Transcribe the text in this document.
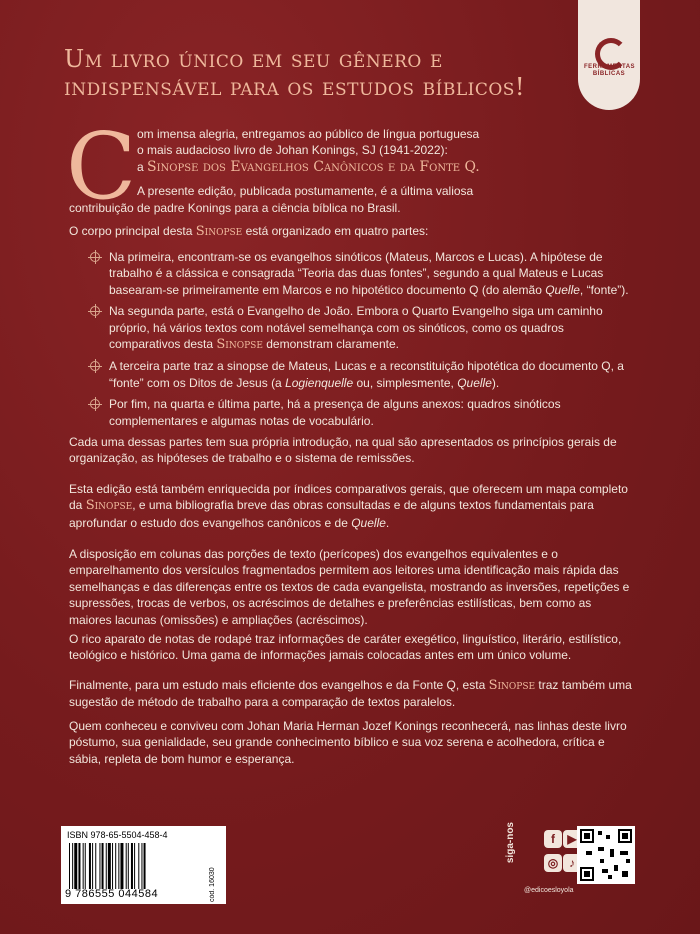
FERRAMENTAS BÍBLICAS
Um livro único em seu gênero e
indispensável para os estudos bíblicos!
C om imensa alegria, entregamos ao público de língua portuguesa
o mais audacioso livro de Johan Konings, SJ (1941-2022):
a Sinopse dos Evangelhos Canônicos e da Fonte Q.
A presente edição, publicada postumamente, é a última valiosa
contribuição de padre Konings para a ciência bíblica no Brasil.
O corpo principal desta Sinopse está organizado em quatro partes:
Na primeira, encontram-se os evangelhos sinóticos (Mateus, Marcos e Lucas). A hipótese de trabalho é a clássica e consagrada “Teoria das duas fontes”, segundo a qual Mateus e Lucas basearam-se primeiramente em Marcos e no hipotético documento Q (do alemão Quelle, “fonte”).
Na segunda parte, está o Evangelho de João. Embora o Quarto Evangelho siga um caminho próprio, há vários textos com notável semelhança com os sinóticos, como os quadros comparativos desta Sinopse demonstram claramente.
A terceira parte traz a sinopse de Mateus, Lucas e a reconstituição hipotética do documento Q, a “fonte” com os Ditos de Jesus (a Logienquelle ou, simplesmente, Quelle).
Por fim, na quarta e última parte, há a presença de alguns anexos: quadros sinóticos complementares e algumas notas de vocabulário.
Cada uma dessas partes tem sua própria introdução, na qual são apresentados os princípios gerais de organização, as hipóteses de trabalho e o sistema de remissões.
Esta edição está também enriquecida por índices comparativos gerais, que oferecem um mapa completo da Sinopse, e uma bibliografia breve das obras consultadas e de alguns textos fundamentais para aprofundar o estudo dos evangelhos canônicos e de Quelle.
A disposição em colunas das porções de texto (perícopes) dos evangelhos equivalentes e o emparelhamento dos versículos fragmentados permitem aos leitores uma identificação mais rápida das semelhanças e das diferenças entre os textos de cada evangelista, mostrando as inversões, repetições e supressões, trocas de verbos, os acréscimos de detalhes e preferências estilísticas, bem como as maiores lacunas (omissões) e ampliações (acréscimos).
O rico aparato de notas de rodapé traz informações de caráter exegético, linguístico, literário, estilístico, teológico e histórico. Uma gama de informações jamais colocadas antes em um único volume.
Finalmente, para um estudo mais eficiente dos evangelhos e da Fonte Q, esta Sinopse traz também uma sugestão de método de trabalho para a comparação de textos paralelos.
Quem conheceu e conviveu com Johan Maria Herman Jozef Konings reconhecerá, nas linhas deste livro póstumo, sua genialidade, seu grande conhecimento bíblico e sua voz serena e acolhedora, crítica e sábia, repleta de bom humor e esperança.
ISBN 978-65-5504-458-4
9 786555 044584	cód. 16030
siga-nos	f ▶ ◎ ♪
@edicoesloyola
